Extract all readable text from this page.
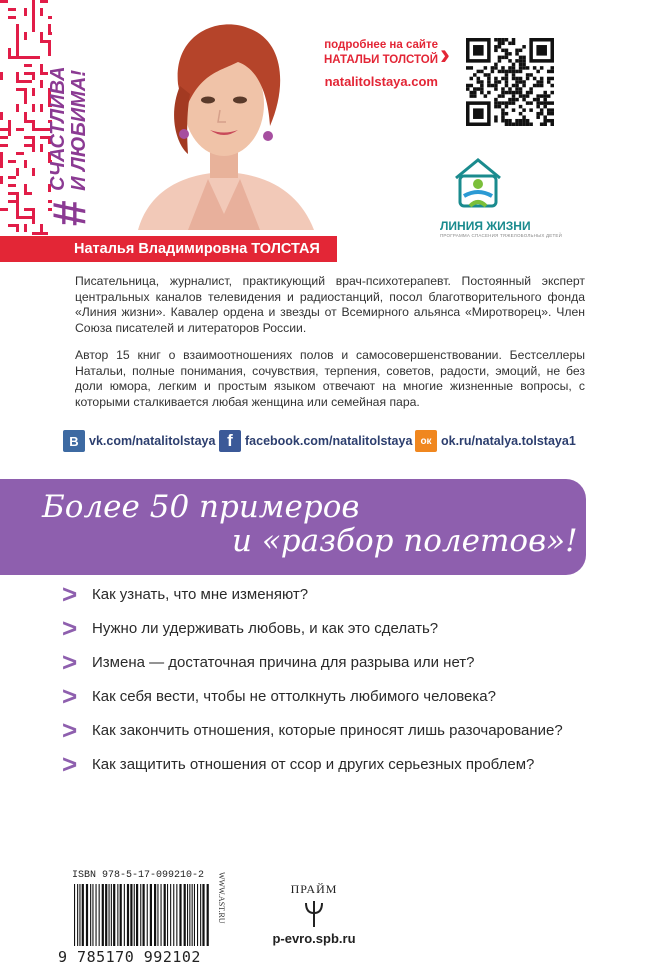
# СЧАСТЛИВА
И ЛЮБИМА!
Наталья Владимировна ТОЛСТАЯ
подробнее на сайте
НАТАЛЬИ ТОЛСТОЙ
natalitolstaya.com
›
ЛИНИЯ ЖИЗНИ
ПРОГРАММА СПАСЕНИЯ ТЯЖЕЛОБОЛЬНЫХ ДЕТЕЙ

Писательница, журналист, практикующий врач-психотерапевт. Постоянный эксперт центральных каналов телевидения и радиостанций, посол благотворительного фонда «Линия жизни». Кавалер ордена и звезды от Всемирного альянса «Миротворец». Член Союза писателей и литераторов России.

Автор 15 книг о взаимоотношениях полов и самосовершенствовании. Бестселлеры Натальи, полные понимания, сочувствия, терпения, советов, радости, эмоций, не без доли юмора, легким и простым языком отвечают на многие жизненные вопросы, с которыми сталкивается любая женщина или семейная пара.

В vk.com/natalitolstaya f facebook.com/natalitolstaya ок ok.ru/natalya.tolstaya1
Более 50 примеров
и «разбор полетов»!
> Как узнать, что мне изменяют?
> Нужно ли удерживать любовь, и как это сделать?
> Измена — достаточная причина для разрыва или нет?
> Как себя вести, чтобы не оттолкнуть любимого человека?
> Как закончить отношения, которые приносят лишь разочарование?
> Как защитить отношения от ссор и других серьезных проблем?
ISBN 978-5-17-099210-2
9 785170 992102
WWW.AST.RU	ПРАЙМ
p-evro.spb.ru
